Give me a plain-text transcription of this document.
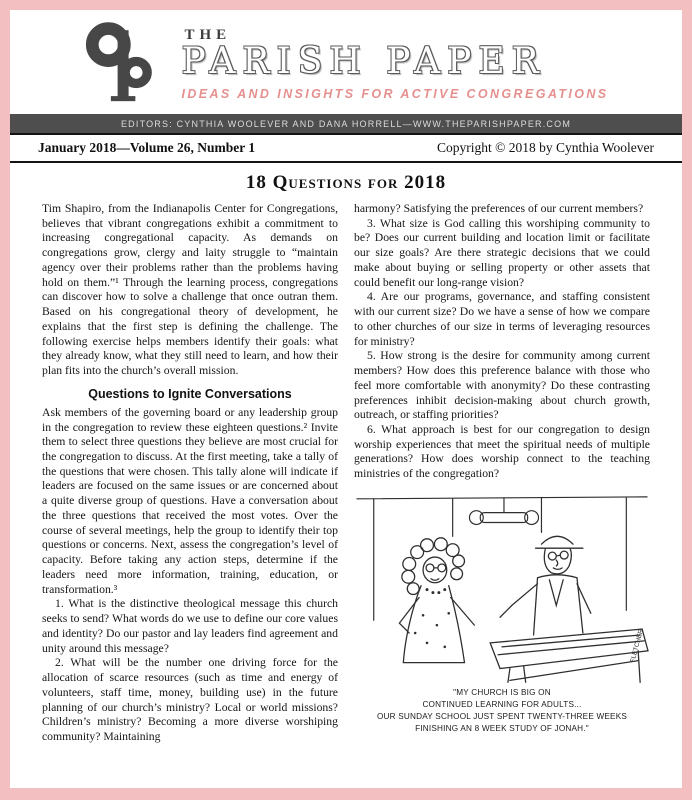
THE
PARISH PAPER
IDEAS AND INSIGHTS FOR ACTIVE CONGREGATIONS
EDITORS: CYNTHIA WOOLEVER AND DANA HORRELL—WWW.THEPARISHPAPER.COM
January 2018—Volume 26, Number 1	Copyright © 2018 by Cynthia Woolever
18 Questions for 2018

Tim Shapiro, from the Indianapolis Center for Congregations, believes that vibrant congregations exhibit a commitment to increasing congregational capacity. As demands on congregations grow, clergy and laity struggle to “maintain agency over their problems rather than the problems having hold on them.”¹ Through the learning process, congregations can discover how to solve a challenge that once outran them. Based on his congregational theory of development, he explains that the first step is defining the challenge. The following exercise helps members identify their goals: what they already know, what they still need to learn, and how their plan fits into the church’s overall mission.

Questions to Ignite Conversations

Ask members of the governing board or any leadership group in the congregation to review these eighteen questions.² Invite them to select three questions they believe are most crucial for the congregation to discuss. At the first meeting, take a tally of the questions that were chosen. This tally alone will indicate if leaders are focused on the same issues or are concerned about a quite diverse group of questions. Have a conversation about the three questions that received the most votes. Over the course of several meetings, help the group to identify their top questions or concerns. Next, assess the congregation’s level of capacity. Before taking any action steps, determine if the leaders need more information, training, education, or transformation.³

1. What is the distinctive theological message this church seeks to send? What words do we use to define our core values and identity? Do our pastor and lay leaders find agreement and unity around this message?

2. What will be the number one driving force for the allocation of scarce resources (such as time and energy of volunteers, staff time, money, building use) in the future planning of our church’s ministry? Local or world missions? Children’s ministry? Becoming a more diverse worshiping community? Maintaining

harmony? Satisfying the preferences of our current members?

3. What size is God calling this worshiping community to be? Does our current building and location limit or facilitate our size goals? Are there strategic decisions that we could make about buying or selling property or other assets that could benefit our long-range vision?

4. Are our programs, governance, and staffing consistent with our current size? Do we have a sense of how we compare to other churches of our size in terms of leveraging resources for ministry?

5. How strong is the desire for community among current members? How does this preference balance with those who feel more comfortable with anonymity? Do these contrasting preferences inhibit decision-making about church growth, outreach, or staffing priorities?

6. What approach is best for our congregation to design worship experiences that meet the spiritual needs of multiple generations? How does worship connect to the teaching ministries of the congregation?

FLETCHER
"MY CHURCH IS BIG ON
CONTINUED LEARNING FOR ADULTS...
OUR SUNDAY SCHOOL JUST SPENT TWENTY-THREE WEEKS
FINISHING AN 8 WEEK STUDY OF JONAH."
